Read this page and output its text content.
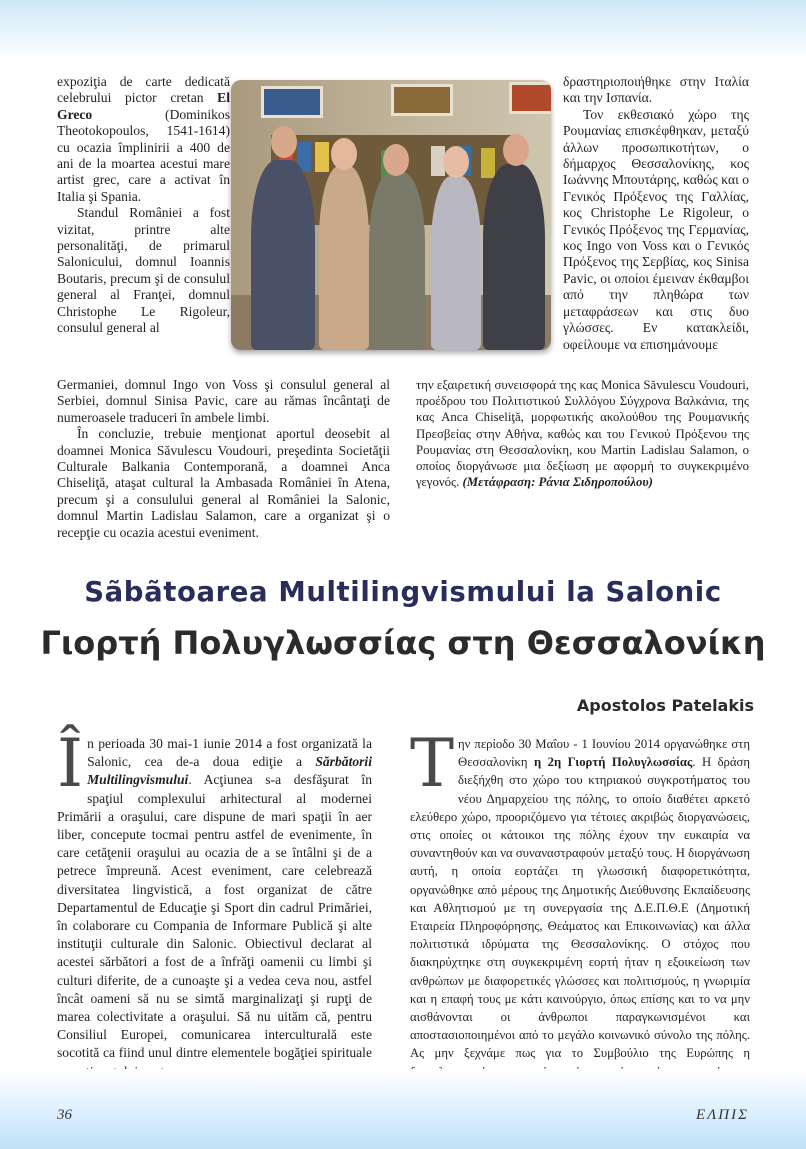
expoziţia de carte dedicată celebrului pictor cretan El Greco (Dominikos Theotokopoulos, 1541-1614) cu ocazia împlinirii a 400 de ani de la moartea acestui mare artist grec, care a activat în Italia şi Spania.

Standul României a fost vizitat, printre alte personalităţi, de primarul Salonicului, domnul Ioannis Boutaris, precum şi de consulul general al Franţei, domnul Christophe Le Rigoleur, consulul general al

δραστηριοποιήθηκε στην Ιταλία και την Ισπανία.

Τον εκθεσιακό χώρο της Ρουμανίας επισκέφθηκαν, μεταξύ άλλων προσωπικοτήτων, ο δήμαρχος Θεσσαλονίκης, κος Ιωάννης Μπουτάρης, καθώς και ο Γενικός Πρόξενος της Γαλλίας, κος Christophe Le Rigoleur, ο Γενικός Πρόξενος της Γερμανίας, κος Ingo von Voss και ο Γενικός Πρόξενος της Σερβίας, κος Sinisa Pavic, οι οποίοι έμειναν έκθαμβοι από την πληθώρα των μεταφράσεων και στις δυο γλώσσες. Εν κατακλείδι, οφείλουμε να επισημάνουμε

Germaniei, domnul Ingo von Voss şi consulul general al Serbiei, domnul Sinisa Pavic, care au rămas încântaţi de numeroasele traduceri în ambele limbi.

În concluzie, trebuie menţionat aportul deosebit al doamnei Monica Săvulescu Voudouri, preşedinta Societăţii Culturale Balkania Contemporană, a doamnei Anca Chiseliţă, ataşat cultural la Ambasada României în Atena, precum şi a consulului general al României la Salonic, domnul Martin Ladislau Salamon, care a organizat şi o recepţie cu ocazia acestui eveniment.

την εξαιρετική συνεισφορά της κας Monica Săvulescu Voudouri, προέδρου του Πολιτιστικού Συλλόγου Σύγχρονα Βαλκάνια, της κας Anca Chiseliţă, μορφωτικής ακολούθου της Ρουμανικής Πρεσβείας στην Αθήνα, καθώς και του Γενικού Πρόξενου της Ρουμανίας στη Θεσσαλονίκη, κου Martin Ladislau Salamon, ο οποίος διοργάνωσε μια δεξίωση με αφορμή το συγκεκριμένο γεγονός. (Μετάφραση: Ράνια Σιδηροπούλου)

Sãbãtoarea Multilingvismului la Salonic
Γιορτή Πολυγλωσσίας στη Θεσσαλονίκη
Apostolos Patelakis

În perioada 30 mai-1 iunie 2014 a fost organizată la Salonic, cea de-a doua ediţie a Sărbătorii Multilingvismului. Acţiunea s-a desfăşurat în spaţiul complexului arhitectural al modernei Primării a oraşului, care dispune de mari spaţii în aer liber, concepute tocmai pentru astfel de evenimente, în care cetăţenii oraşului au ocazia de a se întâlni şi de a petrece împreună. Acest eveniment, care celebrează diversitatea lingvistică, a fost organizat de către Departamentul de Educaţie şi Sport din cadrul Primăriei, în colaborare cu Compania de Informare Publică şi alte instituţii culturale din Salonic. Obiectivul declarat al acestei sărbători a fost de a înfrăţi oamenii cu limbi şi culturi diferite, de a cunoaşte şi a vedea ceva nou, astfel încât oameni să nu se simtă marginalizaţi şi rupţi de marea colectivitate a oraşului. Să nu uităm că, pentru Consiliul Europei, comunicarea interculturală este socotită ca fiind unul dintre elementele bogăţiei spirituale

Την περίοδο 30 Μαΐου - 1 Ιουνίου 2014 οργανώθηκε στη Θεσσαλονίκη η 2η Γιορτή Πολυγλωσσίας. Η δράση διεξήχθη στο χώρο του κτηριακού συγκροτήματος του νέου Δημαρχείου της πόλης, το οποίο διαθέτει αρκετό ελεύθερο χώρο, προοριζόμενο για τέτοιες ακριβώς διοργανώσεις, στις οποίες οι κάτοικοι της πόλης έχουν την ευκαιρία να συναντηθούν και να συναναστραφούν μεταξύ τους. Η διοργάνωση αυτή, η οποία εορτάζει τη γλωσσική διαφορετικότητα, οργανώθηκε από μέρους της Δημοτικής Διεύθυνσης Εκπαίδευσης και Αθλητισμού με τη συνεργασία της Δ.Ε.Π.Θ.Ε (Δημοτική Εταιρεία Πληροφόρησης, Θεάματος και Επικοινωνίας) και άλλα πολιτιστικά ιδρύματα της Θεσσαλονίκης. Ο στόχος που διακηρύχτηκε στη συγκεκριμένη εορτή ήταν η εξοικείωση των ανθρώπων με διαφορετικές γλώσσες και πολιτισμούς, η γνωριμία και η επαφή τους με κάτι καινούργιο, όπως επίσης και το να μην αισθάνονται οι άνθρωποι παραγκωνισμένοι και αποστασιοποιημένοι από το μεγάλο κοινωνικό σύνολο της πόλης. Ας μην ξεχνάμε πως για το Συμβούλιο της Ευρώπης η

36	ΕΛΠΙΣ
